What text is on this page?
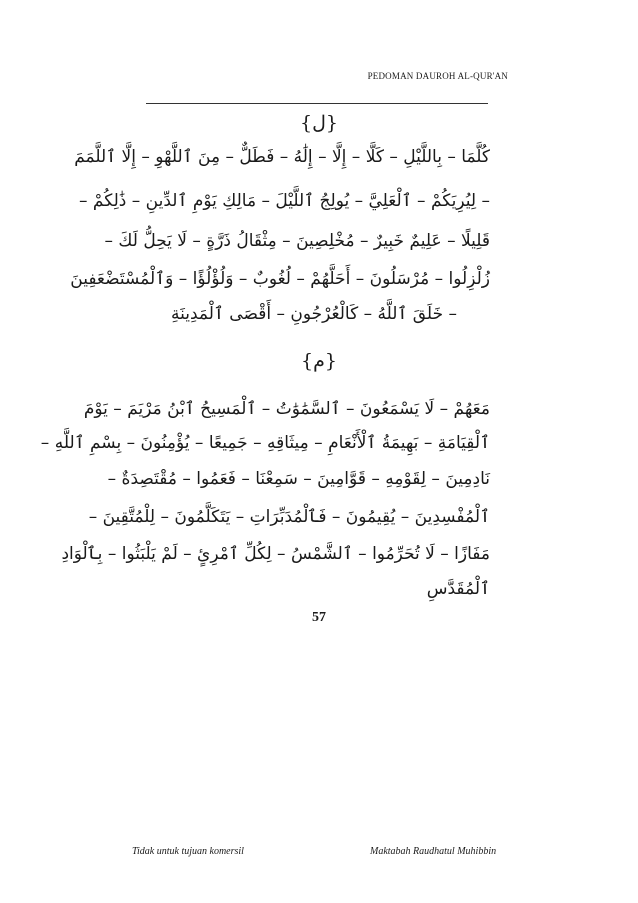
PEDOMAN DAUROH AL-QUR'AN
{ل}
كُلَّمَا – بِاللَّيْلِ – كَلَّا – إِلَّا – إِلَٰهُ – فَطَلٌّ – مِنَ ٱللَّهْوِ – إِلَّا ٱللَّمَمَ
– لِيُرِيَكُمْ – ٱلْعَلِيَّ – يُولِجُ ٱللَّيْلَ – مَالِكِ يَوْمِ ٱلدِّينِ – ذَٰلِكُمْ –
قَلِيلًا – عَلِيمٌ خَبِيرٌ – مُخْلِصِينَ – مِثْقَالُ ذَرَّةٍ – لَا يَحِلُّ لَكَ –
زُلْزِلُوا – مُرْسَلُونَ – أَحَلَّهُمْ – لُغُوبٌ – وَلُؤْلُؤًا – وَٱلْمُسْتَضْعَفِينَ
– خَلَقَ ٱللَّهُ – كَالْعُرْجُونِ – أَقْصَى ٱلْمَدِينَةِ
{م}
مَعَهُمْ – لَا يَسْمَعُونَ – ٱلسَّمَٰوَٰتُ – ٱلْمَسِيحُ ٱبْنُ مَرْيَمَ – يَوْمَ
ٱلْقِيَامَةِ – بَهِيمَةُ ٱلْأَنْعَامِ – مِيثَاقِهِ – جَمِيعًا – يُؤْمِنُونَ – بِسْمِ ٱللَّهِ –
نَادِمِينَ – لِقَوْمِهِ – قَوَّامِينَ – سَمِعْنَا – فَعَمُوا – مُقْتَصِدَةٌ –
ٱلْمُفْسِدِينَ – يُقِيمُونَ – فَٱلْمُدَبِّرَاتِ – يَتَكَلَّمُونَ – لِلْمُتَّقِينَ –
مَفَازًا – لَا تُحَرِّمُوا – ٱلشَّمْسُ – لِكُلِّ ٱمْرِئٍ – لَمْ يَلْبَثُوا – بِٱلْوَادِ
ٱلْمُقَدَّسِ
57
Tidak untuk tujuan komersil	Maktabah Raudhatul Muhibbin
